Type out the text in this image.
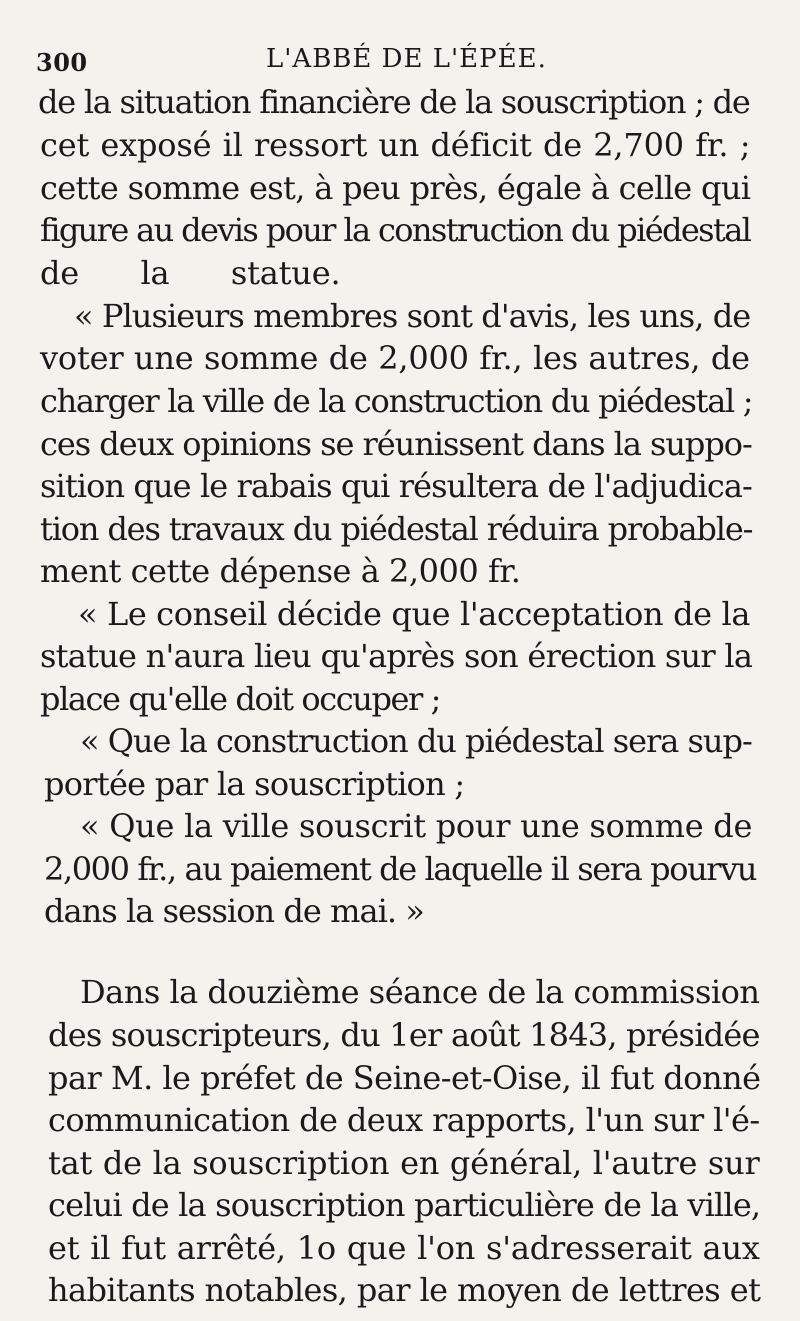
300	L'ABBÉ DE L'ÉPÉE.
de la situation financière de la souscription ; de
cet exposé il ressort un déficit de 2,700 fr. ;
cette somme est, à peu près, égale à celle qui
figure au devis pour la construction du piédestal
de la statue.
« Plusieurs membres sont d'avis, les uns, de
voter une somme de 2,000 fr., les autres, de
charger la ville de la construction du piédestal ;
ces deux opinions se réunissent dans la suppo-
sition que le rabais qui résultera de l'adjudica-
tion des travaux du piédestal réduira probable-
ment cette dépense à 2,000 fr.
« Le conseil décide que l'acceptation de la
statue n'aura lieu qu'après son érection sur la
place qu'elle doit occuper ;
« Que la construction du piédestal sera sup-
portée par la souscription ;
« Que la ville souscrit pour une somme de
2,000 fr., au paiement de laquelle il sera pourvu
dans la session de mai. »
Dans la douzième séance de la commission
des souscripteurs, du 1er août 1843, présidée
par M. le préfet de Seine-et-Oise, il fut donné
communication de deux rapports, l'un sur l'é-
tat de la souscription en général, l'autre sur
celui de la souscription particulière de la ville,
et il fut arrêté, 1o que l'on s'adresserait aux
habitants notables, par le moyen de lettres et
